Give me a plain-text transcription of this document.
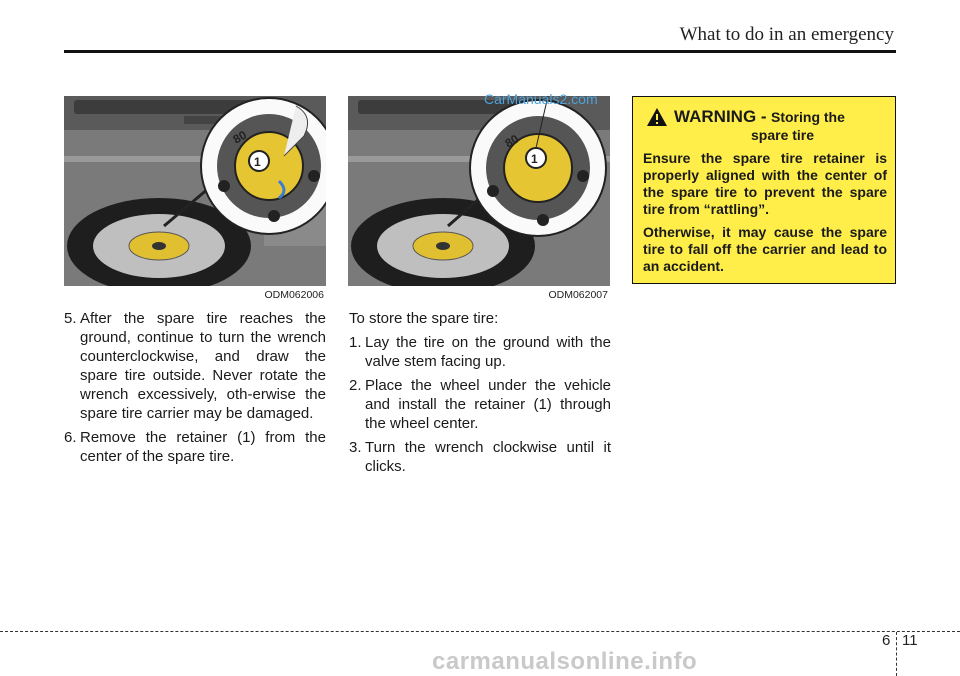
What to do in an emergency
1
80
ODM062006
1
80
ODM062007
CarManuals2.com
5. After the spare tire reaches the ground, continue to turn the wrench counterclockwise, and draw the spare tire outside. Never rotate the wrench excessively, oth-erwise the spare tire carrier may be damaged.
6. Remove the retainer (1) from the center of the spare tire.
To store the spare tire:
1. Lay the tire on the ground with the valve stem facing up.
2. Place the wheel under the vehicle and install the retainer (1) through the wheel center.
3. Turn the wrench clockwise until it clicks.
WARNING - Storing the
spare tire

Ensure the spare tire retainer is properly aligned with the center of the spare tire to prevent the spare tire from “rattling”.

Otherwise, it may cause the spare tire to fall off the carrier and lead to an accident.

6 11
carmanualsonline.info
